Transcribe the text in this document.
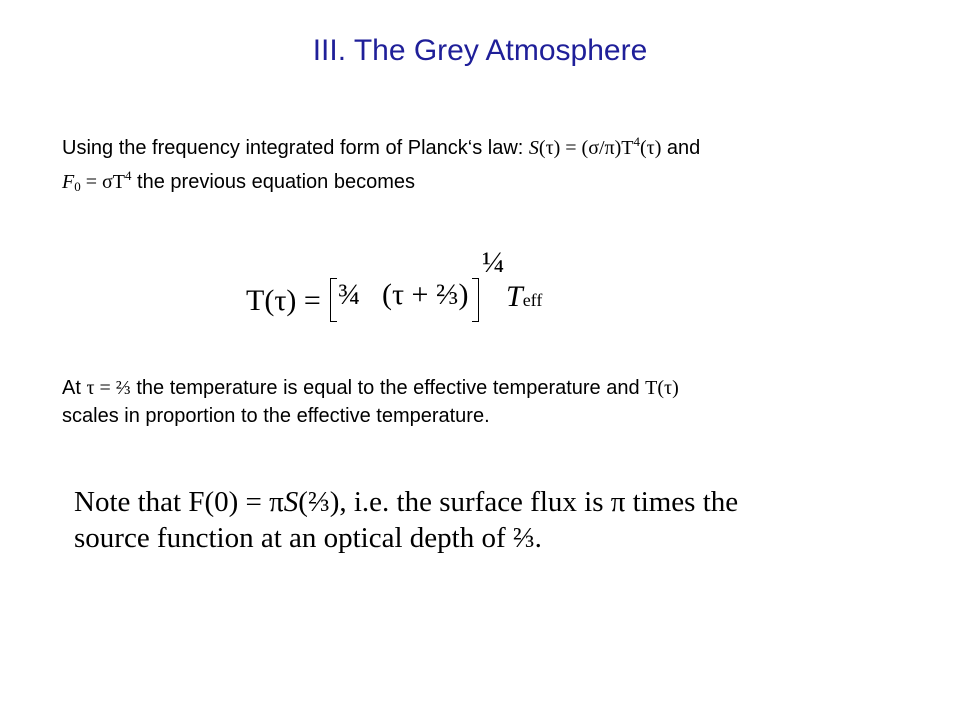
III. The Grey Atmosphere
Using the frequency integrated form of Planck‘s law: $S(\tau) = (\sigma/\pi)T^4(\tau)$ and
$F_0 = \sigma T^4$ the previous equation becomes
T(τ) = ¾ (τ + ⅔)
¼
Teff
At τ = ⅔ the temperature is equal to the effective temperature and T(τ)
scales in proportion to the effective temperature.
Note that F(0) = πS(⅔), i.e. the surface flux is π times the
source function at an optical depth of ⅔.
